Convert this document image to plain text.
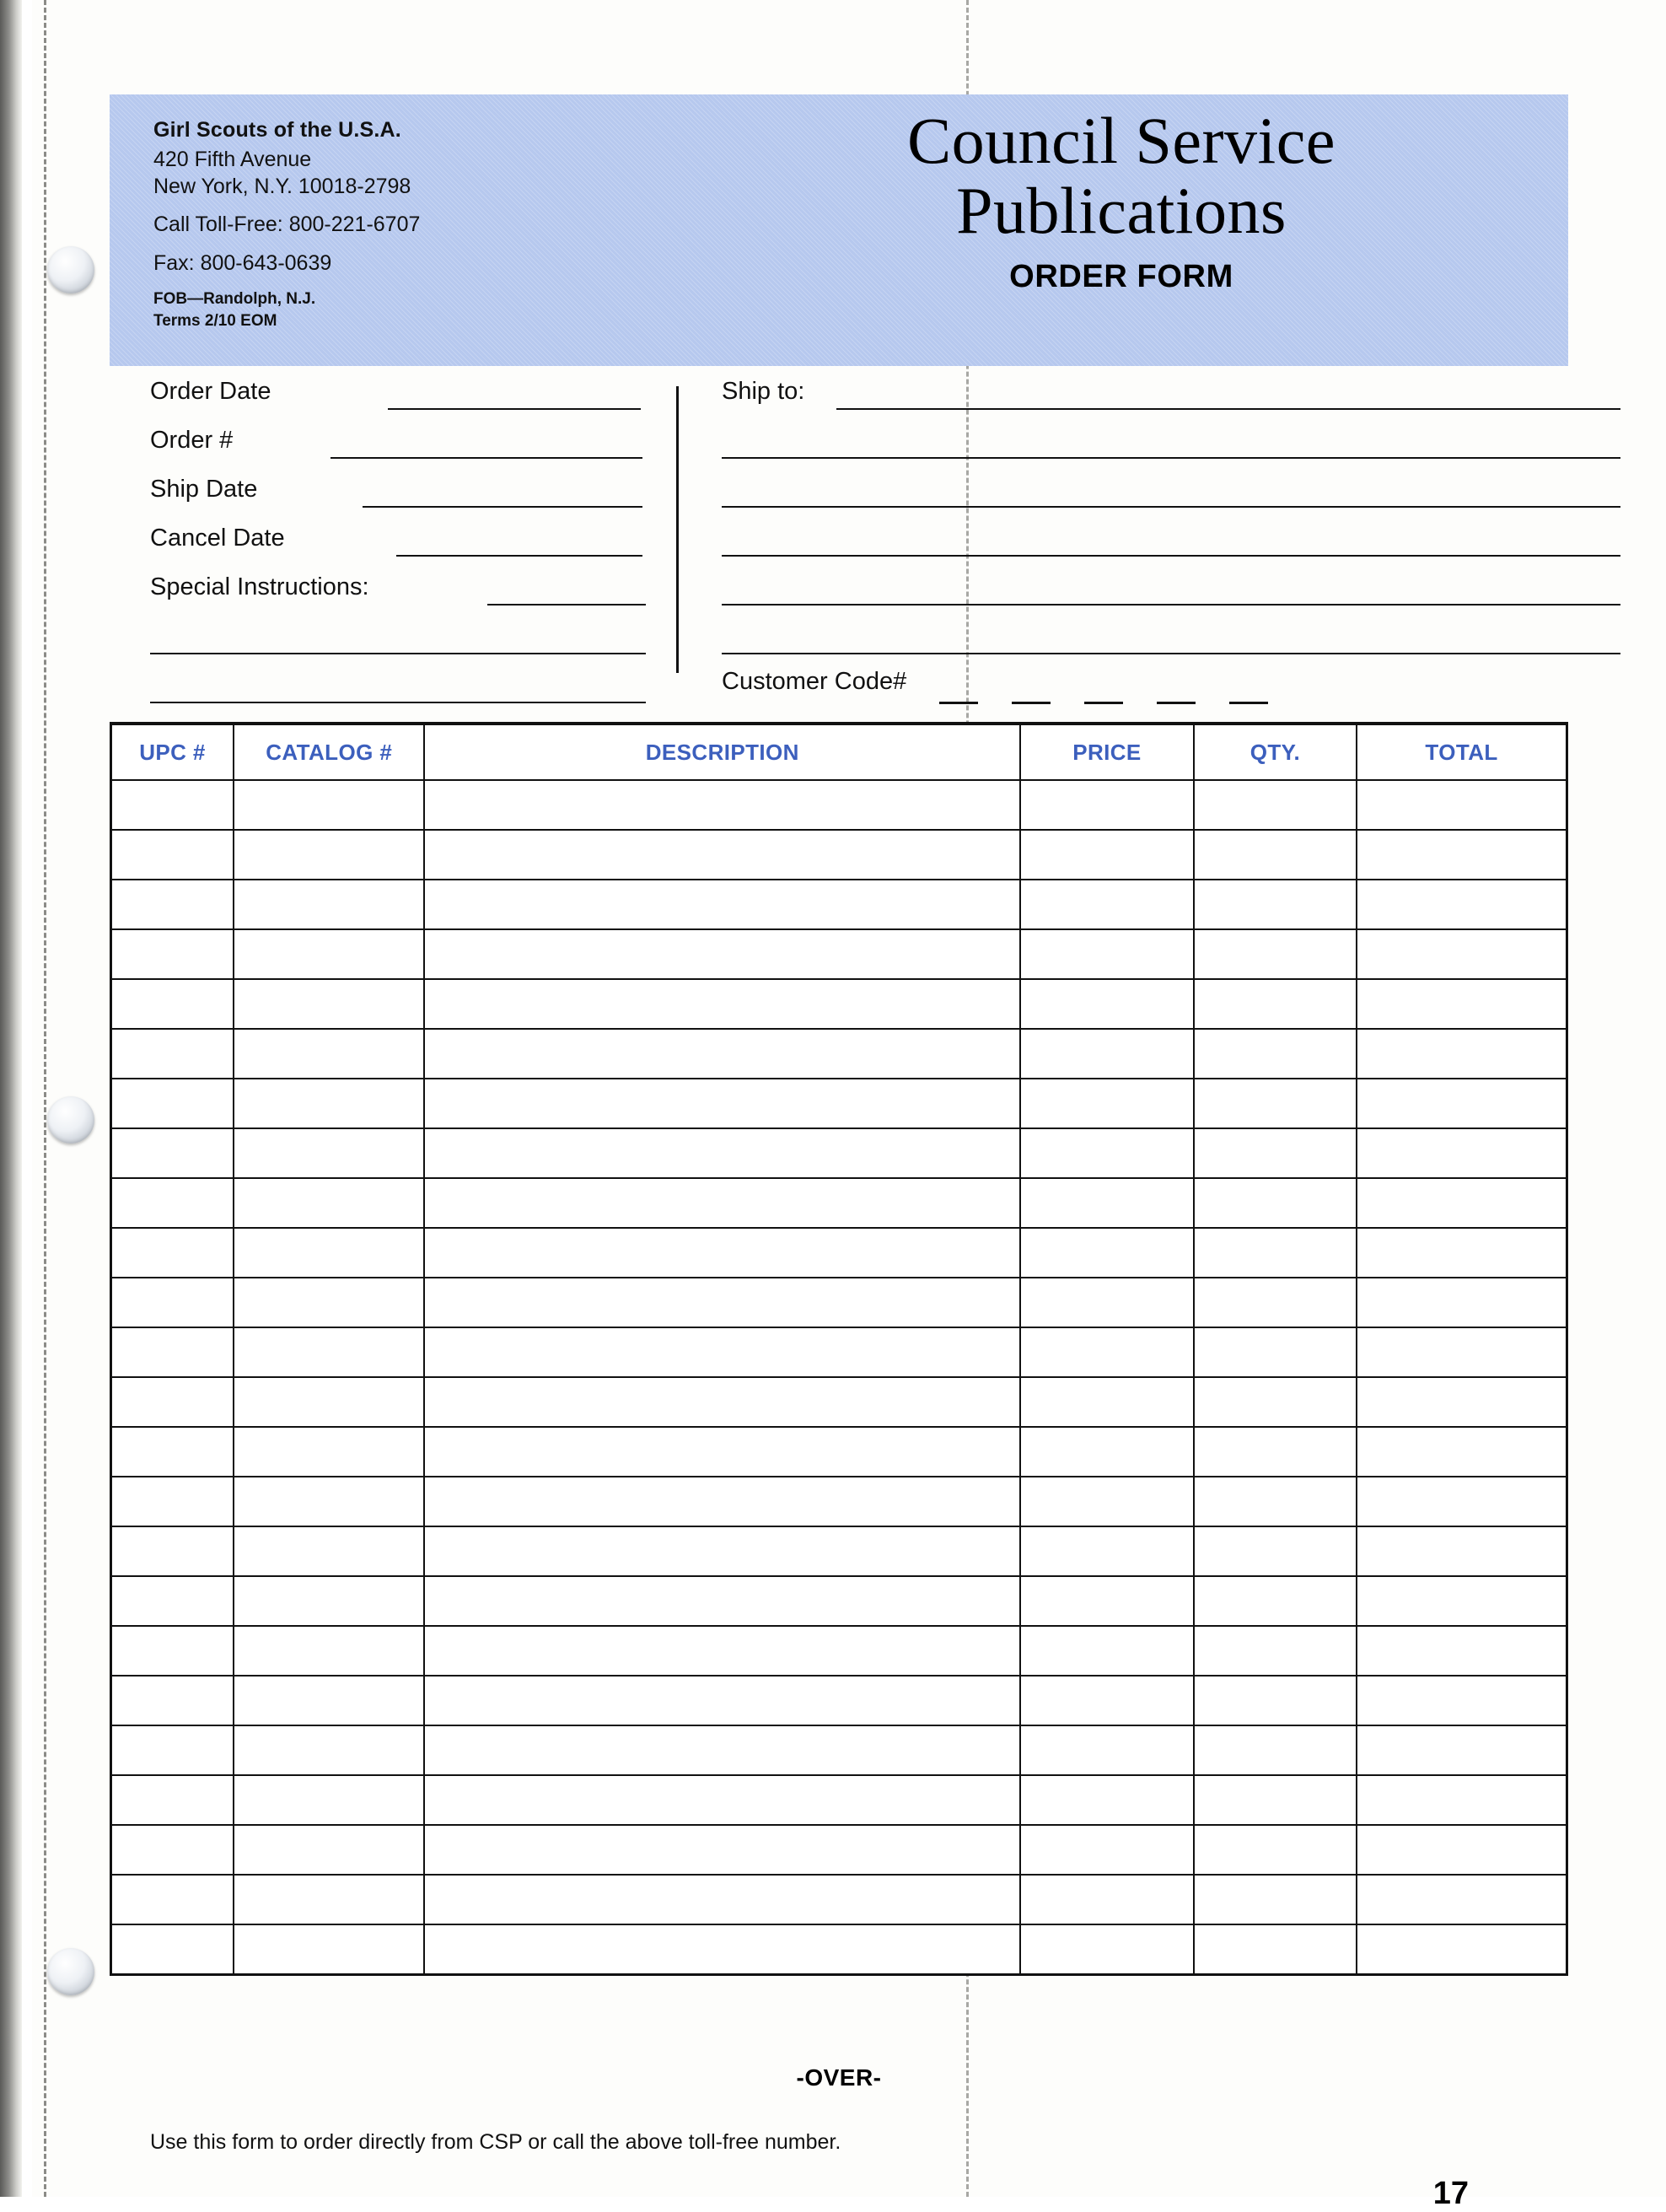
Girl Scouts of the U.S.A.
420 Fifth Avenue
New York, N.Y. 10018-2798
Call Toll-Free: 800-221-6707
Fax: 800-643-0639
FOB—Randolph, N.J.
Terms 2/10 EOM
Council Service
Publications
ORDER FORM
Order Date
Order #
Ship Date
Cancel Date
Special Instructions:
Ship to:
Customer Code#
UPC #	CATALOG #	DESCRIPTION	PRICE	QTY.	TOTAL

-OVER-
Use this form to order directly from CSP or call the above toll-free number.
17
